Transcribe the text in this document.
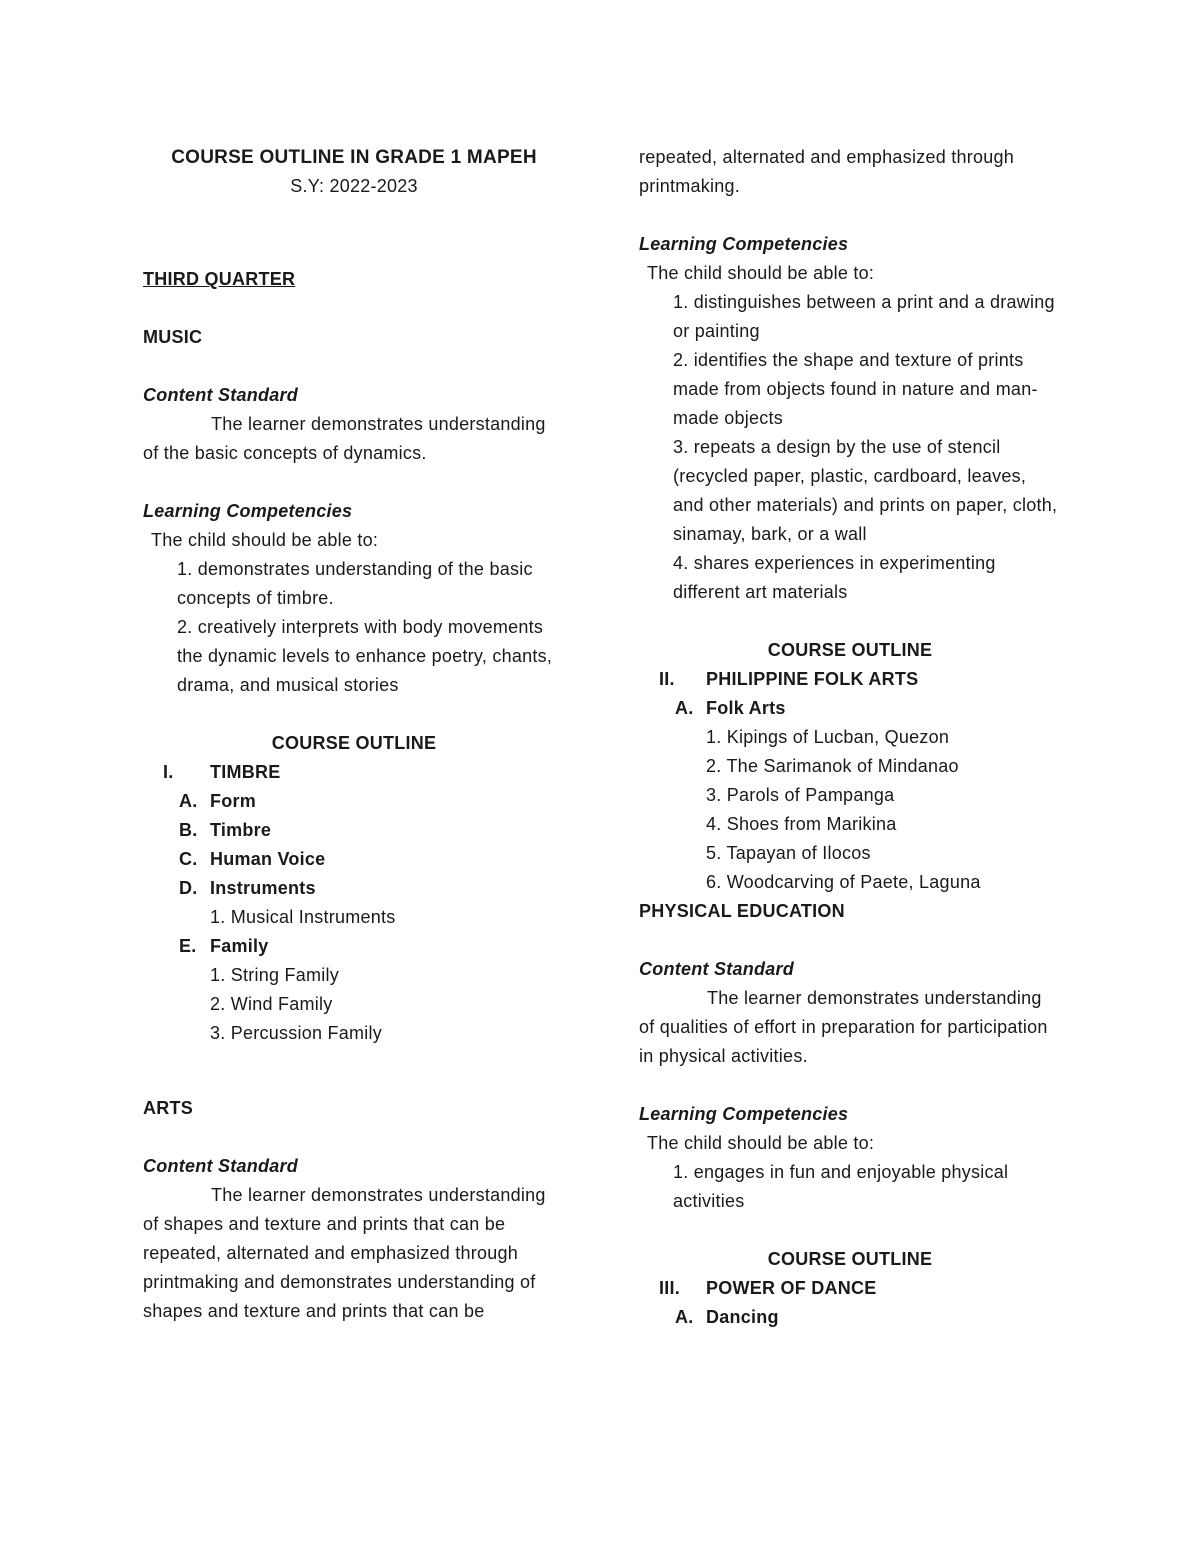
COURSE OUTLINE IN GRADE 1 MAPEH

S.Y: 2022-2023

THIRD QUARTER

MUSIC

Content Standard

The learner demonstrates understanding of the basic concepts of dynamics.

Learning Competencies

The child should be able to:

1. demonstrates understanding of the basic concepts of timbre.

2. creatively interprets with body movements the dynamic levels to enhance poetry, chants, drama, and musical stories

COURSE OUTLINE

I.	TIMBRE
A. Form
B. Timbre
C. Human Voice
D. Instruments

1. Musical Instruments

E. Family

1. String Family

2. Wind Family

3. Percussion Family

ARTS

Content Standard

The learner demonstrates understanding of shapes and texture and prints that can be repeated, alternated and emphasized through printmaking and demonstrates understanding of shapes and texture and prints that can be

repeated, alternated and emphasized through printmaking.

Learning Competencies

The child should be able to:

1. distinguishes between a print and a drawing or painting

2. identifies the shape and texture of prints made from objects found in nature and man-made objects

3. repeats a design by the use of stencil (recycled paper, plastic, cardboard, leaves, and other materials) and prints on paper, cloth, sinamay, bark, or a wall

4. shares experiences in experimenting different art materials

COURSE OUTLINE

II.	PHILIPPINE FOLK ARTS
A. Folk Arts

1. Kipings of Lucban, Quezon

2. The Sarimanok of Mindanao

3. Parols of Pampanga

4. Shoes from Marikina

5. Tapayan of Ilocos

6. Woodcarving of Paete, Laguna

PHYSICAL EDUCATION

Content Standard

The learner demonstrates understanding of qualities of effort in preparation for participation in physical activities.

Learning Competencies

The child should be able to:

1. engages in fun and enjoyable physical activities

COURSE OUTLINE

III.	POWER OF DANCE
A. Dancing
